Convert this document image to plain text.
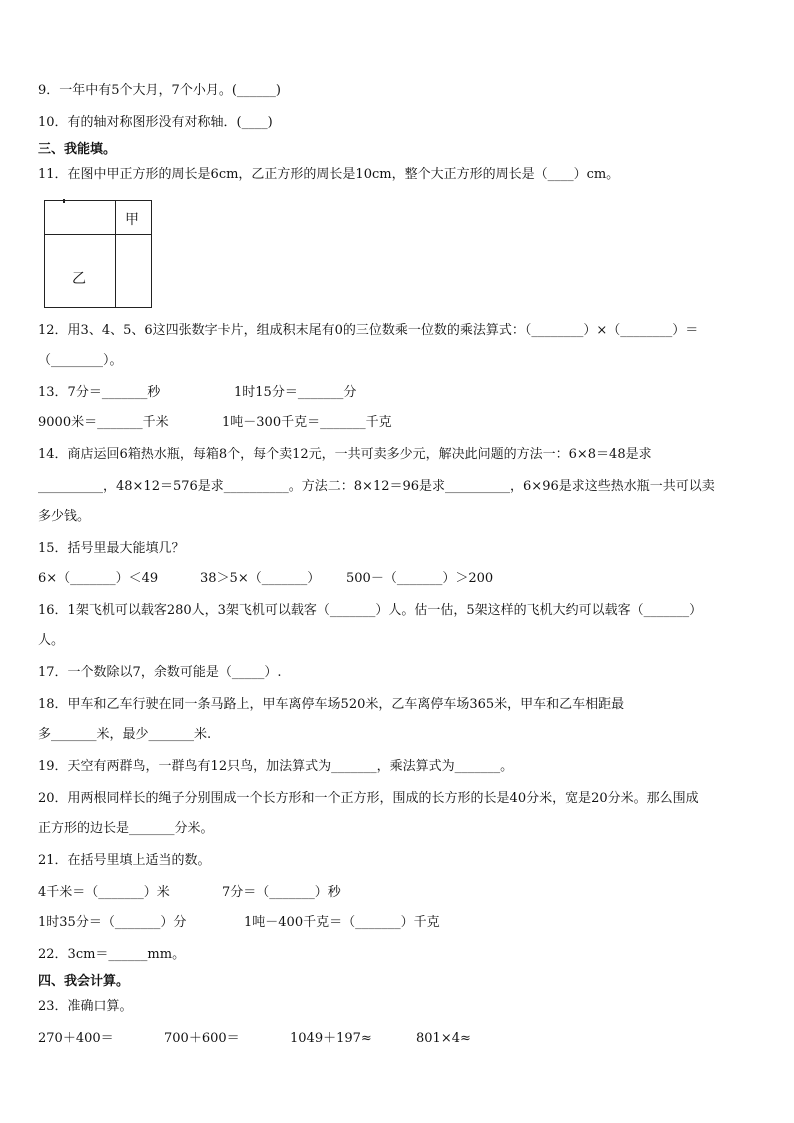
9．一年中有5个大月，7个小月。(______)
10．有的轴对称图形没有对称轴．(____)
三、我能填。
11．在图中甲正方形的周长是6cm，乙正方形的周长是10cm，整个大正方形的周长是（____）cm。
甲
乙
12．用3、4、5、6这四张数字卡片，组成积末尾有0的三位数乘一位数的乘法算式：（________）×（________）＝
（________）。
13．7分＝_______秒	1时15分＝_______分
9000米＝_______千米	1吨－300千克＝_______千克
14．商店运回6箱热水瓶，每箱8个，每个卖12元，一共可卖多少元，解决此问题的方法一：6×8＝48是求
__________，48×12＝576是求__________。方法二：8×12＝96是求__________，6×96是求这些热水瓶一共可以卖
多少钱。
15．括号里最大能填几？
6×（_______）＜49	38＞5×（_______）	500－（_______）＞200
16．1架飞机可以载客280人，3架飞机可以载客（_______）人。估一估，5架这样的飞机大约可以载客（_______）
人。
17．一个数除以7，余数可能是（_____）.
18．甲车和乙车行驶在同一条马路上，甲车离停车场520米，乙车离停车场365米，甲车和乙车相距最
多_______米，最少_______米.
19．天空有两群鸟，一群鸟有12只鸟，加法算式为_______，乘法算式为_______。
20．用两根同样长的绳子分别围成一个长方形和一个正方形，围成的长方形的长是40分米，宽是20分米。那么围成
正方形的边长是_______分米。
21．在括号里填上适当的数。
4千米＝（_______）米	7分＝（_______）秒
1时35分＝（_______）分	1吨－400千克＝（_______）千克
22．3cm＝______mm。
四、我会计算。
23．准确口算。
270＋400＝	700＋600＝	1049＋197≈	801×4≈
